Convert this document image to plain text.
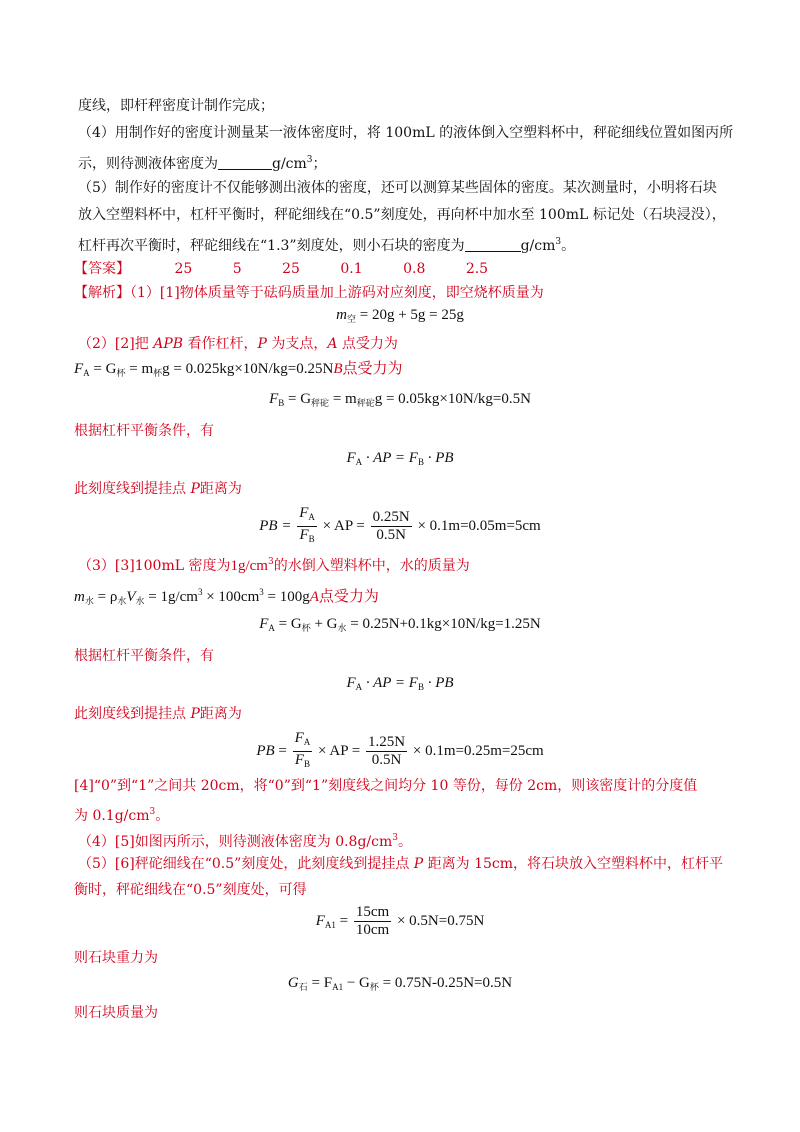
度线，即杆秤密度计制作完成；
（4）用制作好的密度计测量某一液体密度时，将 100mL 的液体倒入空塑料杯中，秤砣细线位置如图丙所
示，则待测液体密度为	$g/cm^3$；
（5）制作好的密度计不仅能够测出液体的密度，还可以测算某些固体的密度。某次测量时，小明将石块
放入空塑料杯中，杠杆平衡时，秤砣细线在“0.5”刻度处，再向杯中加水至 100mL 标记处（石块浸没），
杠杆再次平衡时，秤砣细线在“1.3”刻度处，则小石块的密度为	$g/cm^3$。
【答案】	25	5	25	0.1	0.8	2.5
【解析】（1）[1]物体质量等于砝码质量加上游码对应刻度，即空烧杯质量为
$m_空 = 20g + 5g = 25g$
（2）[2]把 APB 看作杠杆，P 为支点，A 点受力为
$F_A = G_杯 = m_杯g = 0.025kg\times 10N/kg=0.25NB$点受力为
$F_B = G_{秤砣} = m_{秤砣}g = 0.05kg\times 10N/kg=0.5N$
根据杠杆平衡条件，有
$F_A$ · AP = $F_B$ · PB
此刻度线到提挂点 P距离为
PB = $\frac{F_A}{F_B}$ × AP = $\frac{0.25N}{0.5N} \times 0.1m=0.05m=5cm$
（3）[3]100mL 密度为$1g/cm^3$的水倒入塑料杯中，水的质量为
$m_水 = \rho_水V_水 = 1g/cm^3 \times 100cm^3 = 100gA$点受力为
$F_A = G_杯 + G_水 = 0.25N+0.1kg\times 10N/kg=1.25N$
根据杠杆平衡条件，有
$F_A$ · AP = $F_B$ · PB
此刻度线到提挂点 P距离为
PB = $\frac{F_A}{F_B}$ × AP = $\frac{1.25N}{0.5N} \times 0.1m=0.25m=25cm$
[4]“0”到“1”之间共 20cm，将“0”到“1”刻度线之间均分 10 等份，每份 2cm，则该密度计的分度值
为 $0.1g/cm^3$。
（4）[5]如图丙所示，则待测液体密度为 $0.8g/cm^3$。
（5）[6]秤砣细线在“0.5”刻度处，此刻度线到提挂点 P 距离为 15cm，将石块放入空塑料杯中，杠杆平
衡时，秤砣细线在“0.5”刻度处，可得
$F_{A1} = \frac{15cm}{10cm} \times 0.5N=0.75N$
则石块重力为
$G_石 = F_{A1} - G_杯 = 0.75N-0.25N=0.5N$
则石块质量为
